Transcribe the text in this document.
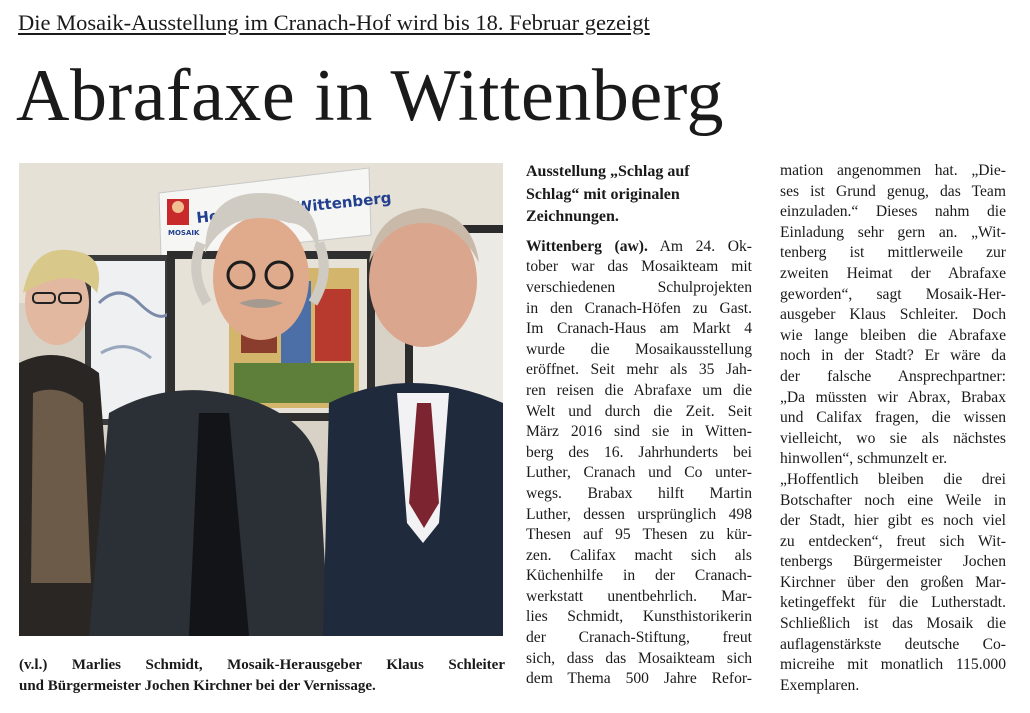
Die Mosaik-Ausstellung im Cranach-Hof wird bis 18. Februar gezeigt
Abrafaxe in Wittenberg
MOSAIK
Wittenberg
(v.l.) Marlies Schmidt, Mosaik-Herausgeber Klaus Schleiter
und Bürgermeister Jochen Kirchner bei der Vernissage.
Ausstellung „Schlag auf
Schlag“ mit originalen
Zeichnungen.
Wittenberg (aw). Am 24. Ok-
tober war das Mosaikteam mit
verschiedenen Schulprojekten
in den Cranach-Höfen zu Gast.
Im Cranach-Haus am Markt 4
wurde die Mosaikausstellung
eröffnet. Seit mehr als 35 Jah-
ren reisen die Abrafaxe um die
Welt und durch die Zeit. Seit
März 2016 sind sie in Witten-
berg des 16. Jahrhunderts bei
Luther, Cranach und Co unter-
wegs. Brabax hilft Martin
Luther, dessen ursprünglich 498
Thesen auf 95 Thesen zu kür-
zen. Califax macht sich als
Küchenhilfe in der Cranach-
werkstatt unentbehrlich. Mar-
lies Schmidt, Kunsthistorikerin
der Cranach-Stiftung, freut
sich, dass das Mosaikteam sich
dem Thema 500 Jahre Refor-
mation angenommen hat. „Die-
ses ist Grund genug, das Team
einzuladen.“ Dieses nahm die
Einladung sehr gern an. „Wit-
tenberg ist mittlerweile zur
zweiten Heimat der Abrafaxe
geworden“, sagt Mosaik-Her-
ausgeber Klaus Schleiter. Doch
wie lange bleiben die Abrafaxe
noch in der Stadt? Er wäre da
der falsche Ansprechpartner:
„Da müssten wir Abrax, Brabax
und Califax fragen, die wissen
vielleicht, wo sie als nächstes
hinwollen“, schmunzelt er.
„Hoffentlich bleiben die drei
Botschafter noch eine Weile in
der Stadt, hier gibt es noch viel
zu entdecken“, freut sich Wit-
tenbergs Bürgermeister Jochen
Kirchner über den großen Mar-
ketingeffekt für die Lutherstadt.
Schließlich ist das Mosaik die
auflagenstärkste deutsche Co-
micreihe mit monatlich 115.000
Exemplaren.
